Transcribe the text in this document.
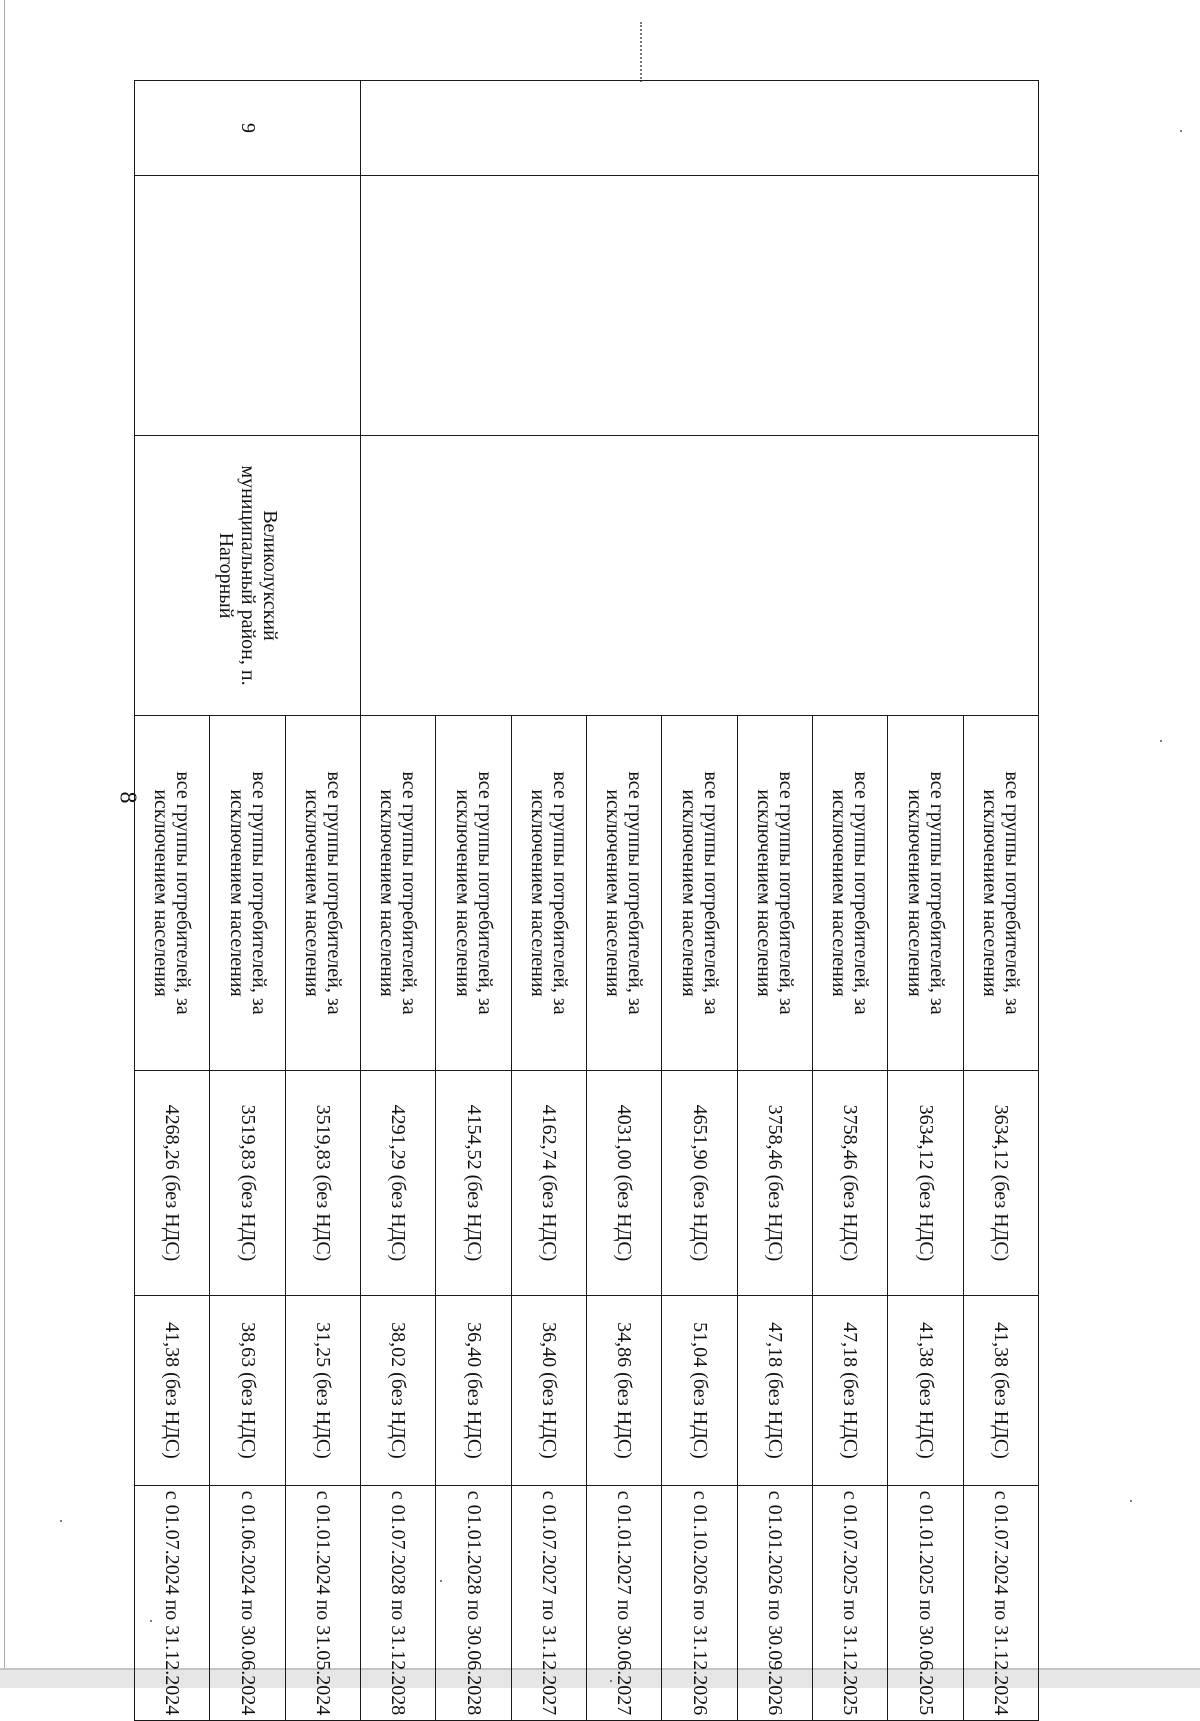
8
				все группы потребителей, за исключением населения	3634,12 (без НДС)	41,38 (без НДС)	с 01.07.2024 по 31.12.2024
			все группы потребителей, за исключением населения	3634,12 (без НДС)	41,38 (без НДС)	с 01.01.2025 по 30.06.2025
			все группы потребителей, за исключением населения	3758,46 (без НДС)	47,18 (без НДС)	с 01.07.2025 по 31.12.2025
			все группы потребителей, за исключением населения	3758,46 (без НДС)	47,18 (без НДС)	с 01.01.2026 по 30.09.2026
			все группы потребителей, за исключением населения	4651,90 (без НДС)	51,04 (без НДС)	с 01.10.2026 по 31.12.2026
			все группы потребителей, за исключением населения	4031,00 (без НДС)	34,86 (без НДС)	с 01.01.2027 по 30.06.2027
			все группы потребителей, за исключением населения	4162,74 (без НДС)	36,40 (без НДС)	с 01.07.2027 по 31.12.2027
			все группы потребителей, за исключением населения	4154,52 (без НДС)	36,40 (без НДС)	с 01.01.2028 по 30.06.2028
			все группы потребителей, за исключением населения	4291,29 (без НДС)	38,02 (без НДС)	с 01.07.2028 по 31.12.2028
9		Великолукский муниципальный район, п. Нагорный	все группы потребителей, за исключением населения	3519,83 (без НДС)	31,25 (без НДС)	с 01.01.2024 по 31.05.2024
			все группы потребителей, за исключением населения	3519,83 (без НДС)	38,63 (без НДС)	с 01.06.2024 по 30.06.2024
			все группы потребителей, за исключением населения	4268,26 (без НДС)	41,38 (без НДС)	с 01.07.2024 по 31.12.2024
